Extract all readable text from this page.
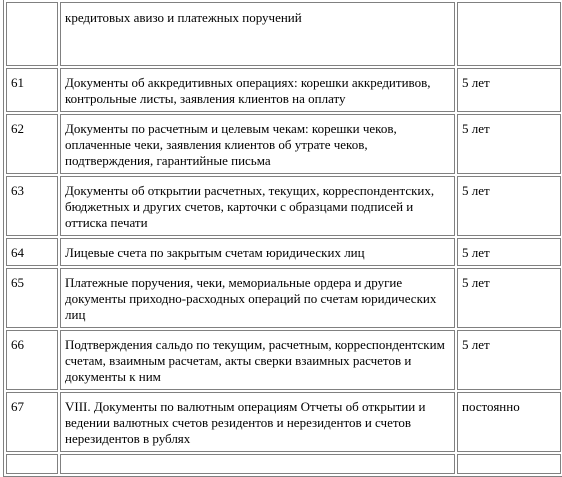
	кредитовых авизо и платежных поручений	
61	Документы об аккредитивных операциях: корешки аккредитивов, контрольные листы, заявления клиентов на оплату	5 лет
62	Документы по расчетным и целевым чекам: корешки чеков, оплаченные чеки, заявления клиентов об утрате чеков, подтверждения, гарантийные письма	5 лет
63	Документы об открытии расчетных, текущих, корреспондентских, бюджетных и других счетов, карточки с образцами подписей и оттиска печати	5 лет
64	Лицевые счета по закрытым счетам юридических лиц	5 лет
65	Платежные поручения, чеки, мемориальные ордера и другие документы приходно-расходных операций по счетам юридических лиц	5 лет
66	Подтверждения сальдо по текущим, расчетным, корреспондентским счетам, взаимным расчетам, акты сверки взаимных расчетов и документы к ним	5 лет
67	VIII. Документы по валютным операциям Отчеты об открытии и ведении валютных счетов резидентов и нерезидентов и счетов нерезидентов в рублях	постоянно
